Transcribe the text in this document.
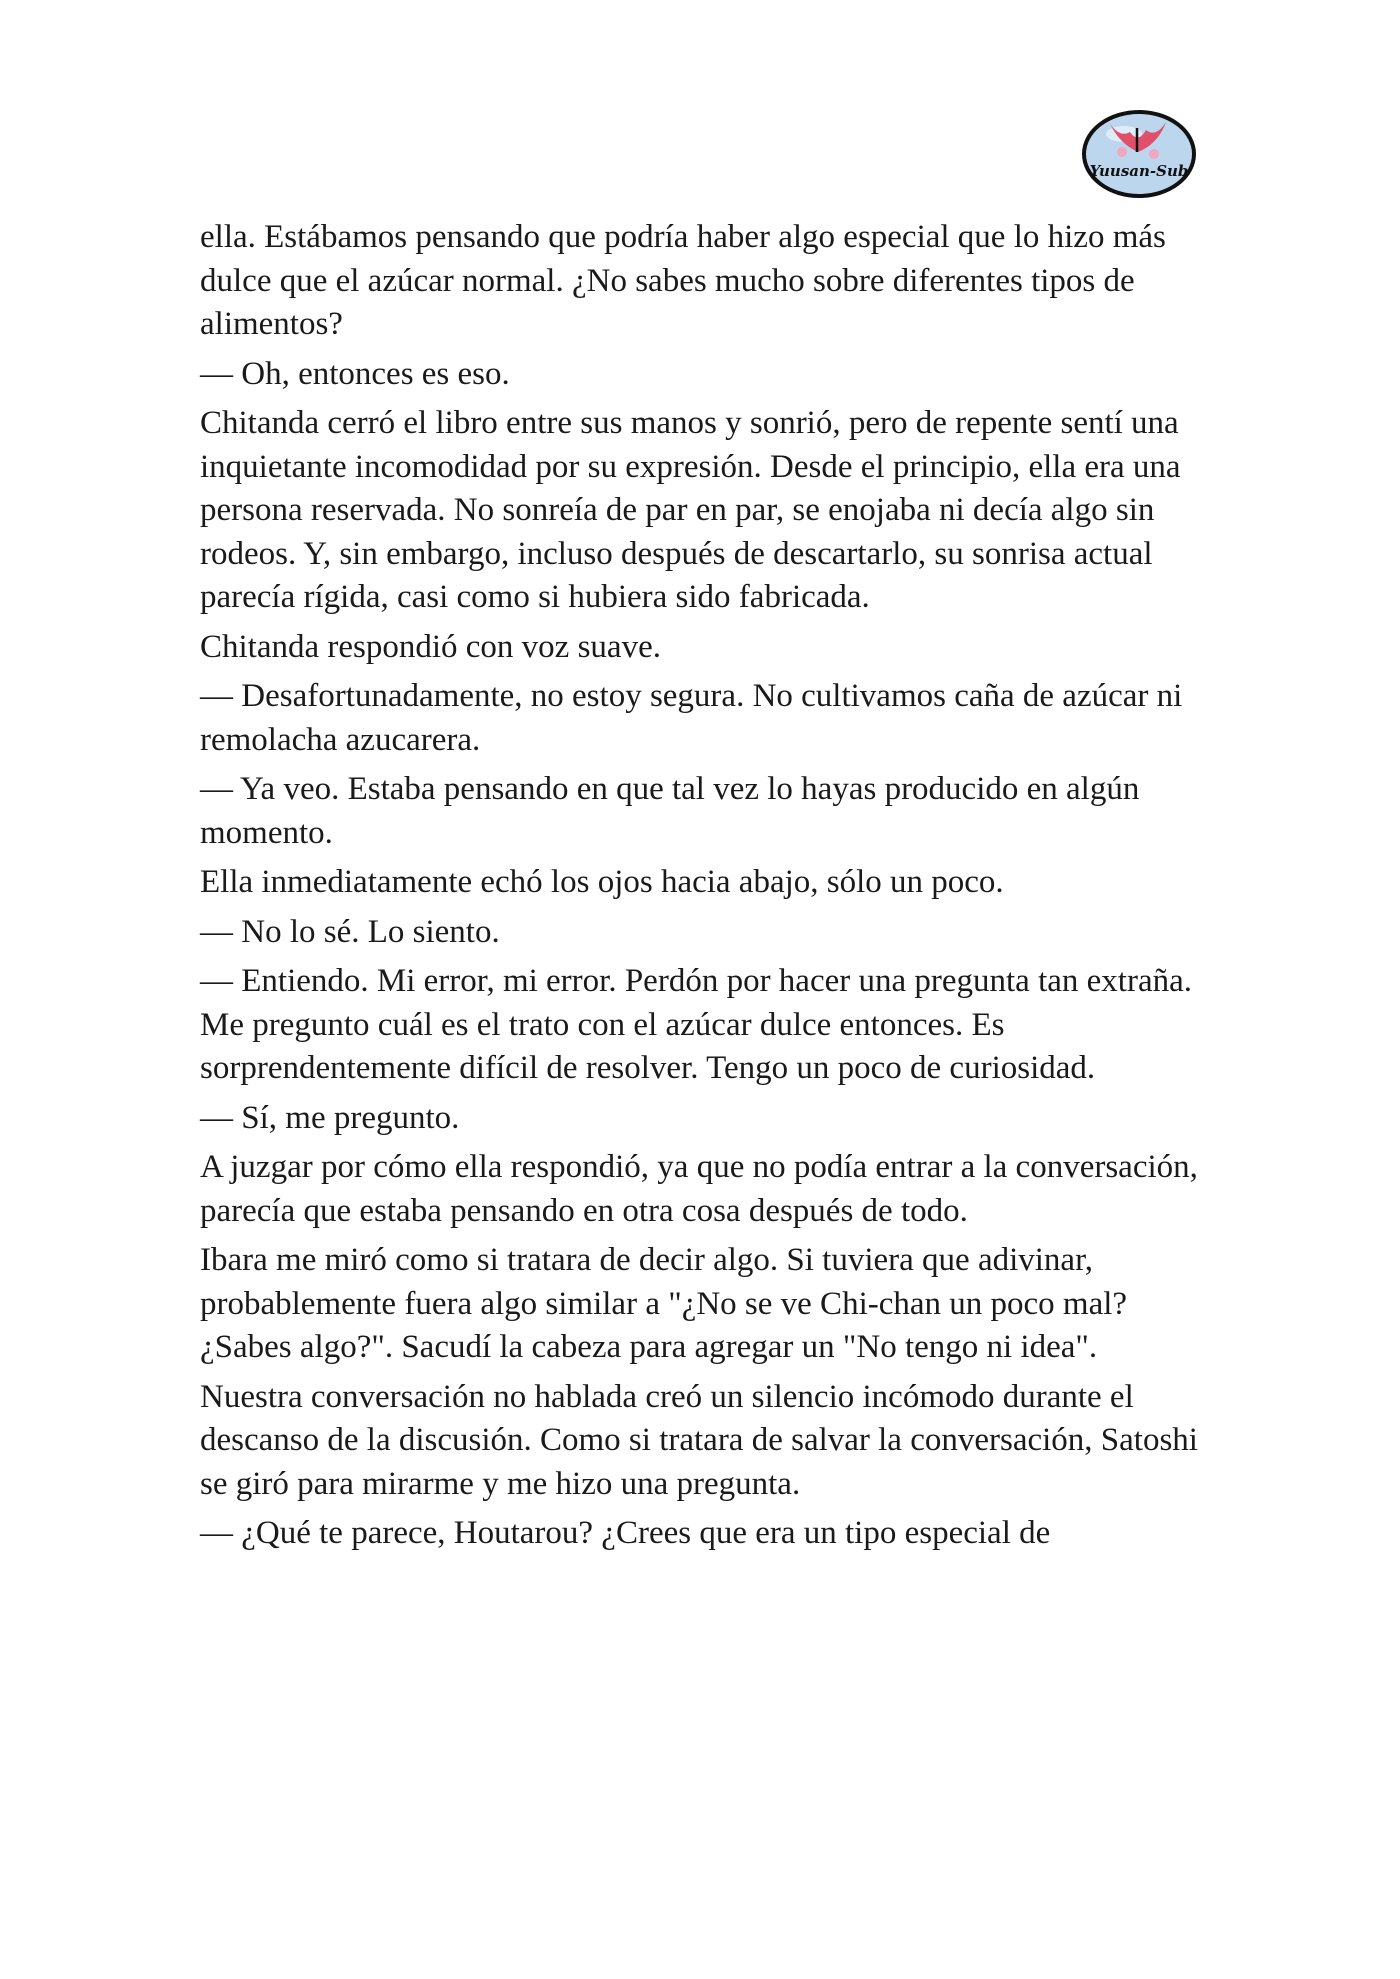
Yuusan-Sub

ella. Estábamos pensando que podría haber algo especial que lo hizo más dulce que el azúcar normal. ¿No sabes mucho sobre diferentes tipos de alimentos?

— Oh, entonces es eso.

Chitanda cerró el libro entre sus manos y sonrió, pero de repente sentí una inquietante incomodidad por su expresión. Desde el principio, ella era una persona reservada. No sonreía de par en par, se enojaba ni decía algo sin rodeos. Y, sin embargo, incluso después de descartarlo, su sonrisa actual parecía rígida, casi como si hubiera sido fabricada.

Chitanda respondió con voz suave.

— Desafortunadamente, no estoy segura. No cultivamos caña de azúcar ni remolacha azucarera.

— Ya veo. Estaba pensando en que tal vez lo hayas producido en algún momento.

Ella inmediatamente echó los ojos hacia abajo, sólo un poco.

— No lo sé. Lo siento.

— Entiendo. Mi error, mi error. Perdón por hacer una pregunta tan extraña. Me pregunto cuál es el trato con el azúcar dulce entonces. Es sorprendentemente difícil de resolver. Tengo un poco de curiosidad.

— Sí, me pregunto.

A juzgar por cómo ella respondió, ya que no podía entrar a la conversación, parecía que estaba pensando en otra cosa después de todo.

Ibara me miró como si tratara de decir algo. Si tuviera que adivinar, probablemente fuera algo similar a "¿No se ve Chi-chan un poco mal? ¿Sabes algo?". Sacudí la cabeza para agregar un "No tengo ni idea".

Nuestra conversación no hablada creó un silencio incómodo durante el descanso de la discusión. Como si tratara de salvar la conversación, Satoshi se giró para mirarme y me hizo una pregunta.

— ¿Qué te parece, Houtarou? ¿Crees que era un tipo especial de
